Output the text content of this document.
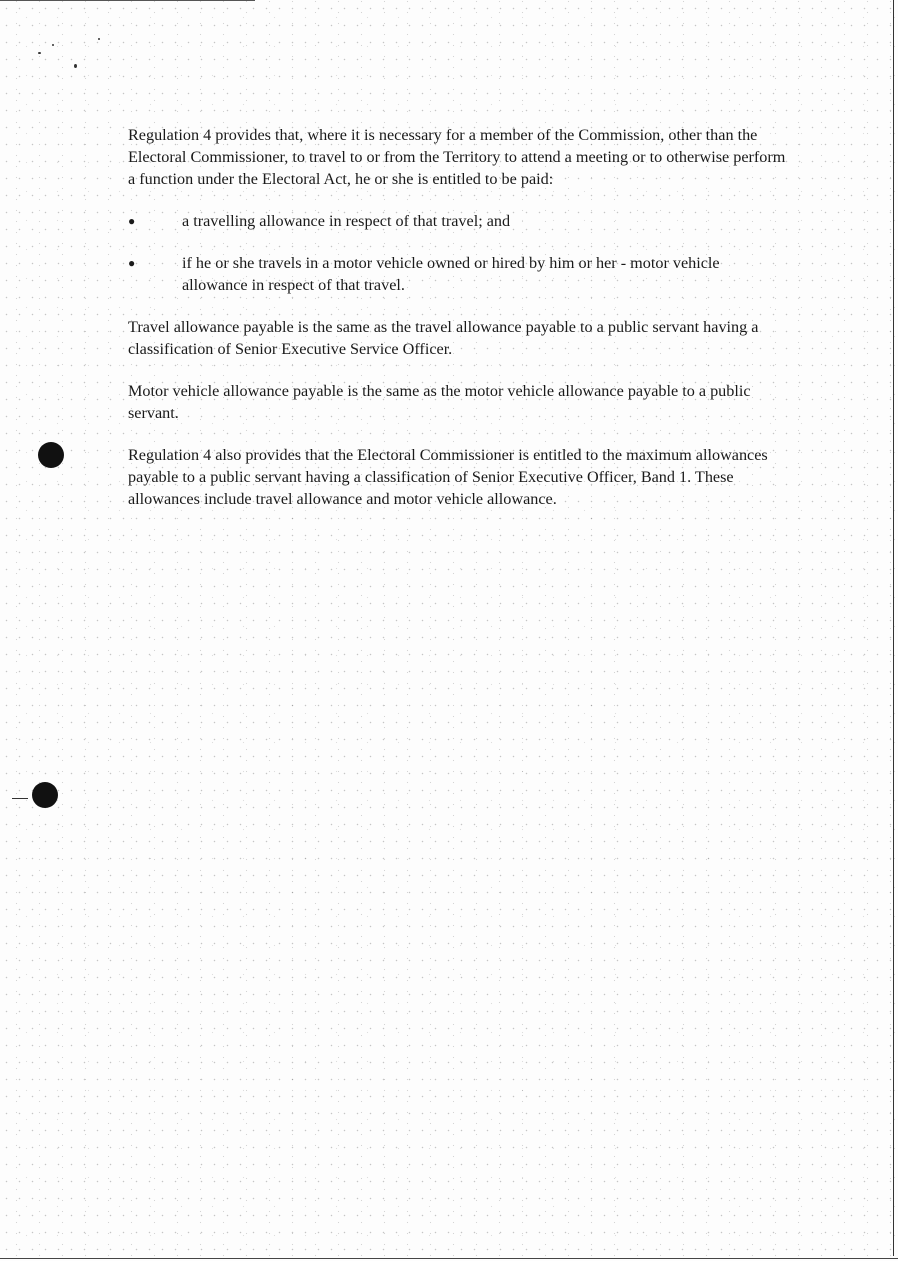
Regulation 4 provides that, where it is necessary for a member of the Commission, other than the Electoral Commissioner, to travel to or from the Territory to attend a meeting or to otherwise perform a function under the Electoral Act, he or she is entitled to be paid:

●	a travelling allowance in respect of that travel; and
●	if he or she travels in a motor vehicle owned or hired by him or her - motor vehicle allowance in respect of that travel.

Travel allowance payable is the same as the travel allowance payable to a public servant having a classification of Senior Executive Service Officer.

Motor vehicle allowance payable is the same as the motor vehicle allowance payable to a public servant.

Regulation 4 also provides that the Electoral Commissioner is entitled to the maximum allowances payable to a public servant having a classification of Senior Executive Officer, Band 1. These allowances include travel allowance and motor vehicle allowance.
